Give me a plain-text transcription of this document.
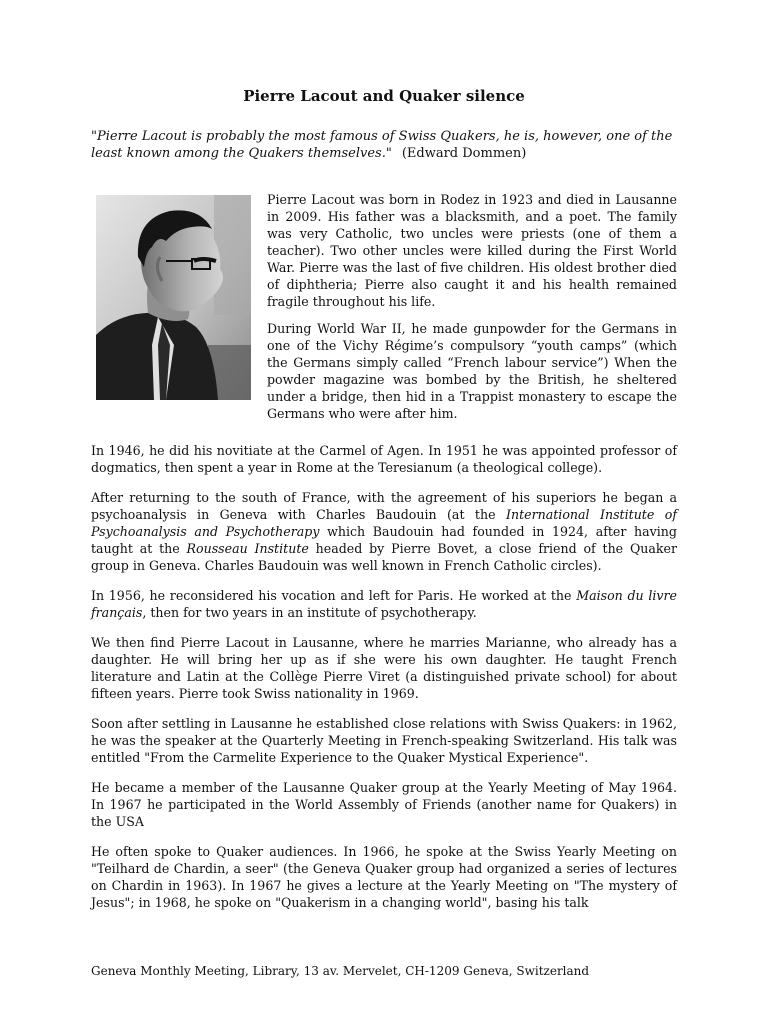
Pierre Lacout and Quaker silence

"Pierre Lacout is probably the most famous of Swiss Quakers, he is, however, one of the least known among the Quakers themselves." (Edward Dommen)

Pierre Lacout was born in Rodez in 1923 and died in Lausanne in 2009. His father was a blacksmith, and a poet. The family was very Catholic, two uncles were priests (one of them a teacher). Two other uncles were killed during the First World War. Pierre was the last of five children. His oldest brother died of diphtheria; Pierre also caught it and his health remained fragile throughout his life.

During World War II, he made gunpowder for the Germans in one of the Vichy Régime’s compulsory “youth camps” (which the Germans simply called “French labour service”) When the powder magazine was bombed by the British, he sheltered under a bridge, then hid in a Trappist monastery to escape the Germans who were after him.

In 1946, he did his novitiate at the Carmel of Agen. In 1951 he was appointed professor of dogmatics, then spent a year in Rome at the Teresianum (a theological college).

After returning to the south of France, with the agreement of his superiors he began a psychoanalysis in Geneva with Charles Baudouin (at the International Institute of Psychoanalysis and Psychotherapy which Baudouin had founded in 1924, after having taught at the Rousseau Institute headed by Pierre Bovet, a close friend of the Quaker group in Geneva. Charles Baudouin was well known in French Catholic circles).

In 1956, he reconsidered his vocation and left for Paris. He worked at the Maison du livre français, then for two years in an institute of psychotherapy.

We then find Pierre Lacout in Lausanne, where he marries Marianne, who already has a daughter. He will bring her up as if she were his own daughter. He taught French literature and Latin at the Collège Pierre Viret (a distinguished private school) for about fifteen years. Pierre took Swiss nationality in 1969.

Soon after settling in Lausanne he established close relations with Swiss Quakers: in 1962, he was the speaker at the Quarterly Meeting in French-speaking Switzerland. His talk was entitled "From the Carmelite Experience to the Quaker Mystical Experience".

He became a member of the Lausanne Quaker group at the Yearly Meeting of May 1964. In 1967 he participated in the World Assembly of Friends (another name for Quakers) in the USA

He often spoke to Quaker audiences. In 1966, he spoke at the Swiss Yearly Meeting on "Teilhard de Chardin, a seer" (the Geneva Quaker group had organized a series of lectures on Chardin in 1963). In 1967 he gives a lecture at the Yearly Meeting on "The mystery of Jesus"; in 1968, he spoke on "Quakerism in a changing world", basing his talk

Geneva Monthly Meeting, Library, 13 av. Mervelet, CH-1209 Geneva, Switzerland
